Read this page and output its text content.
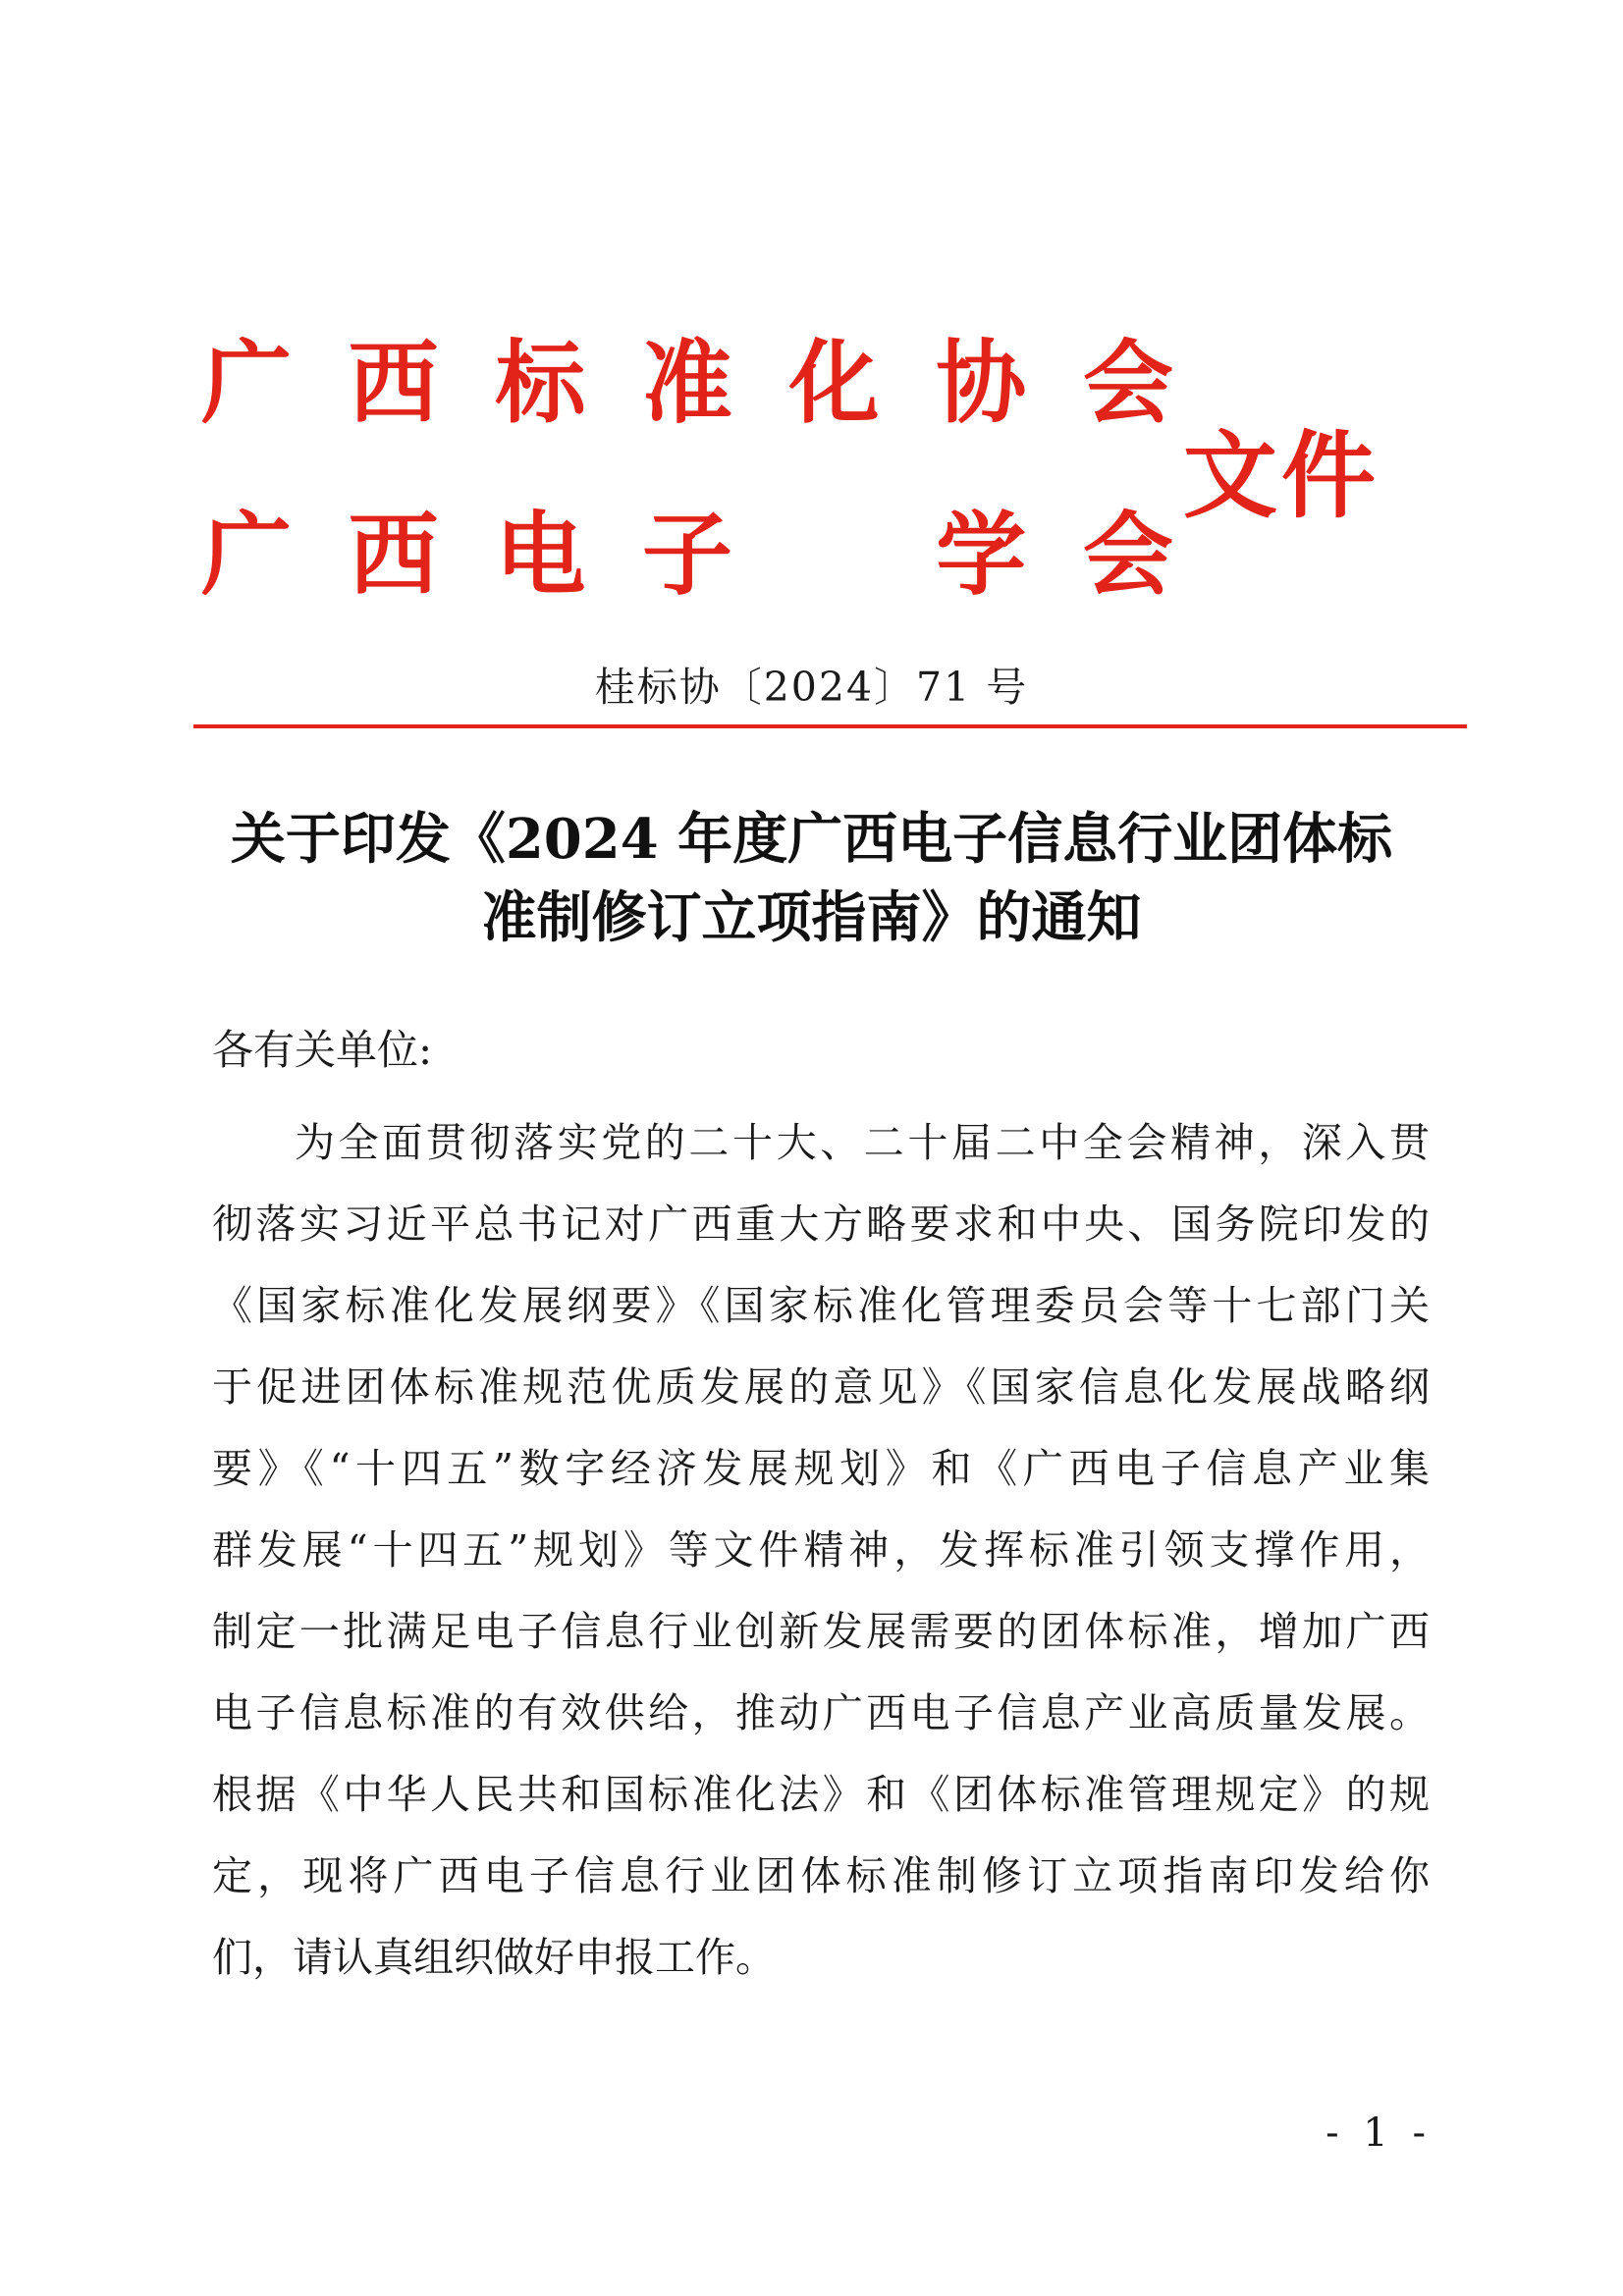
广 西 标 准 化 协 会
广 西 电 子 学 会
文件
桂标协〔2024〕71 号
关于印发《2024 年度广西电子信息行业团体标
准制修订立项指南》的通知
各有关单位:
为全面贯彻落实党的二十大、二十届二中全会精神，深入贯
彻落实习近平总书记对广西重大方略要求和中央、国务院印发的
《国家标准化发展纲要》《国家标准化管理委员会等十七部门关
于促进团体标准规范优质发展的意见》《国家信息化发展战略纲
要》《“十四五”数字经济发展规划》和《广西电子信息产业集
群发展“十四五”规划》等文件精神，发挥标准引领支撑作用，
制定一批满足电子信息行业创新发展需要的团体标准，增加广西
电子信息标准的有效供给，推动广西电子信息产业高质量发展。
根据《中华人民共和国标准化法》和《团体标准管理规定》的规
定，现将广西电子信息行业团体标准制修订立项指南印发给你
们，请认真组织做好申报工作。
- 1 -
